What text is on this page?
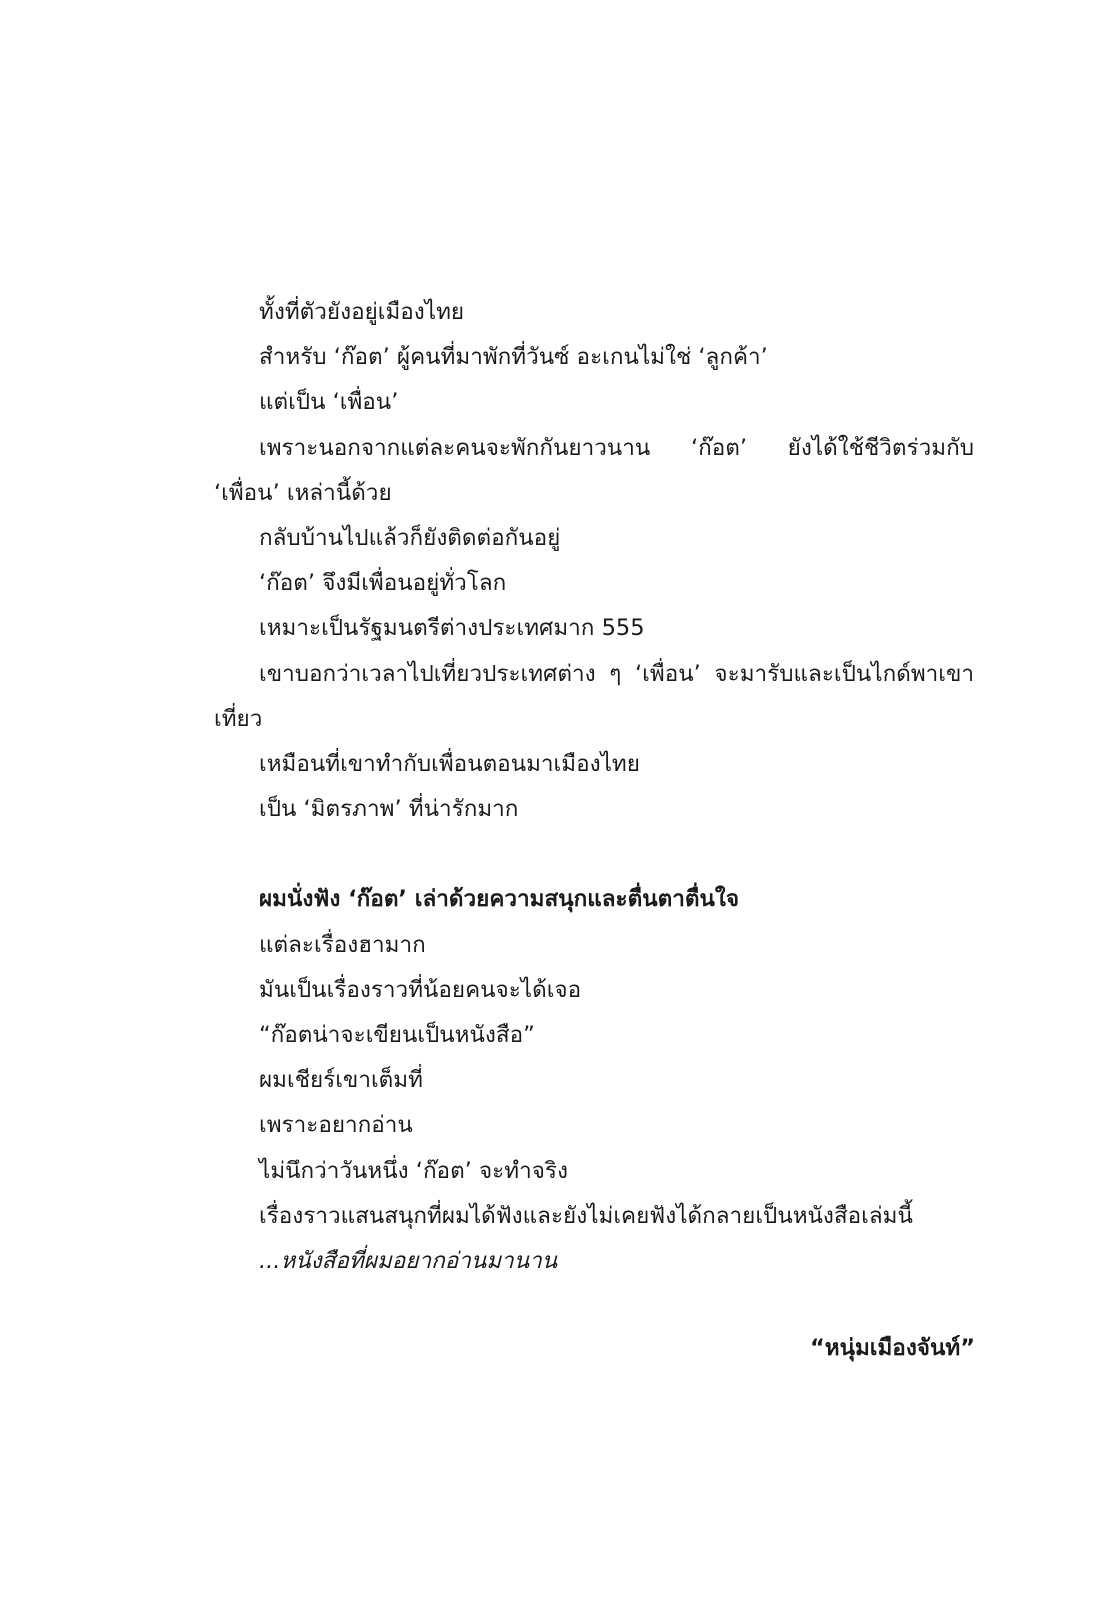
ทั้งที่ตัวยังอยู่เมืองไทย

สำหรับ ‘ก๊อต’ ผู้คนที่มาพักที่วันซ์ อะเกนไม่ใช่ ‘ลูกค้า’

แต่เป็น ‘เพื่อน’

เพราะนอกจากแต่ละคนจะพักกันยาวนาน ‘ก๊อต’ ยังได้ใช้ชีวิตร่วมกับ ‘เพื่อน’ เหล่านี้ด้วย

กลับบ้านไปแล้วก็ยังติดต่อกันอยู่

‘ก๊อต’ จึงมีเพื่อนอยู่ทั่วโลก

เหมาะเป็นรัฐมนตรีต่างประเทศมาก 555

เขาบอกว่าเวลาไปเที่ยวประเทศต่าง ๆ ‘เพื่อน’ จะมารับและเป็นไกด์พาเขาเที่ยว

เหมือนที่เขาทำกับเพื่อนตอนมาเมืองไทย

เป็น ‘มิตรภาพ’ ที่น่ารักมาก

ผมนั่งฟัง ‘ก๊อต’ เล่าด้วยความสนุกและตื่นตาตื่นใจ

แต่ละเรื่องฮามาก

มันเป็นเรื่องราวที่น้อยคนจะได้เจอ

“ก๊อตน่าจะเขียนเป็นหนังสือ”

ผมเชียร์เขาเต็มที่

เพราะอยากอ่าน

ไม่นึกว่าวันหนึ่ง ‘ก๊อต’ จะทำจริง

เรื่องราวแสนสนุกที่ผมได้ฟังและยังไม่เคยฟังได้กลายเป็นหนังสือเล่มนี้

...หนังสือที่ผมอยากอ่านมานาน

“หนุ่มเมืองจันท์”
